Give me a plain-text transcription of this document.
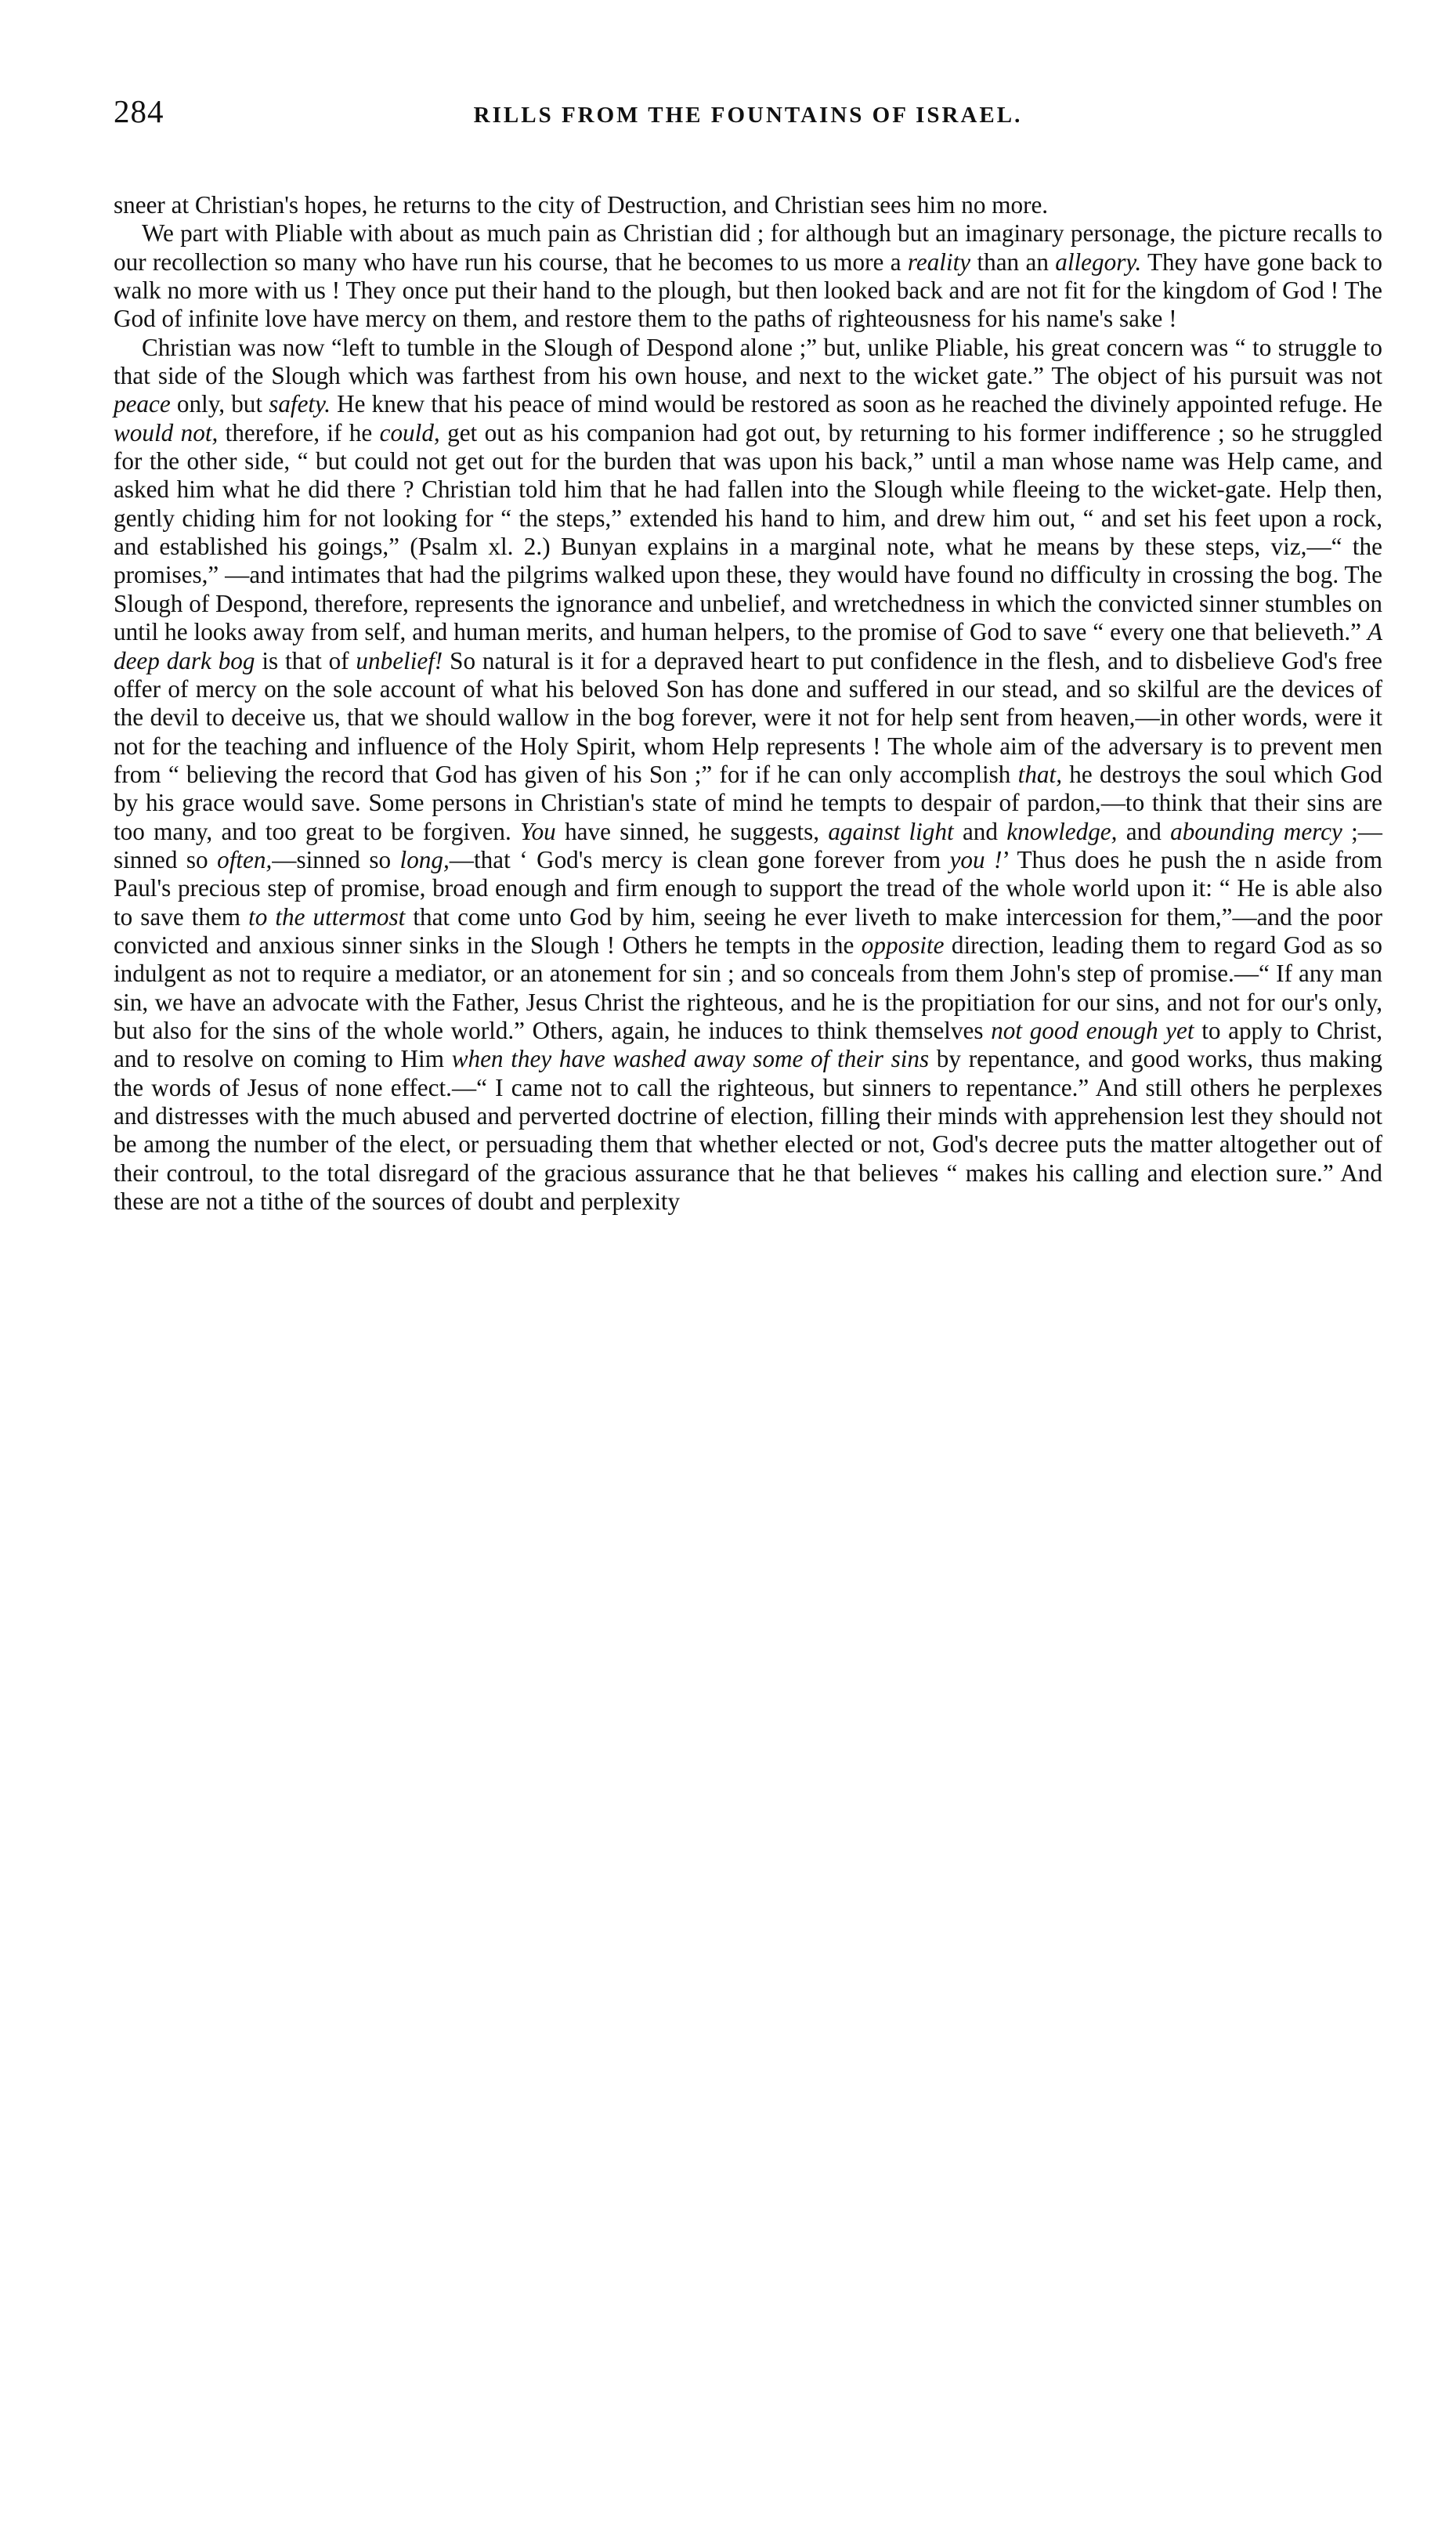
284	RILLS FROM THE FOUNTAINS OF ISRAEL.

sneer at Christian's hopes, he returns to the city of Destruction, and Christian sees him no more.

We part with Pliable with about as much pain as Christian did ; for although but an imaginary personage, the picture recalls to our recollection so many who have run his course, that he becomes to us more a reality than an allegory. They have gone back to walk no more with us ! They once put their hand to the plough, but then looked back and are not fit for the kingdom of God ! The God of infinite love have mercy on them, and restore them to the paths of righteousness for his name's sake !

Christian was now “left to tumble in the Slough of Despond alone ;” but, unlike Pliable, his great concern was “ to struggle to that side of the Slough which was farthest from his own house, and next to the wicket gate.” The object of his pursuit was not peace only, but safety. He knew that his peace of mind would be restored as soon as he reached the divinely appointed refuge. He would not, therefore, if he could, get out as his companion had got out, by returning to his former indifference ; so he struggled for the other side, “ but could not get out for the burden that was upon his back,” until a man whose name was Help came, and asked him what he did there ? Christian told him that he had fallen into the Slough while fleeing to the wicket-gate. Help then, gently chiding him for not looking for “ the steps,” extended his hand to him, and drew him out, “ and set his feet upon a rock, and established his goings,” (Psalm xl. 2.) Bunyan explains in a marginal note, what he means by these steps, viz,—“ the promises,” —and intimates that had the pilgrims walked upon these, they would have found no difficulty in crossing the bog. The Slough of Despond, therefore, represents the ignorance and unbelief, and wretchedness in which the convicted sinner stumbles on until he looks away from self, and human merits, and human helpers, to the promise of God to save “ every one that believeth.” A deep dark bog is that of unbelief! So natural is it for a depraved heart to put confidence in the flesh, and to disbelieve God's free offer of mercy on the sole account of what his beloved Son has done and suffered in our stead, and so skilful are the devices of the devil to deceive us, that we should wallow in the bog forever, were it not for help sent from heaven,—in other words, were it not for the teaching and influence of the Holy Spirit, whom Help represents ! The whole aim of the adversary is to prevent men from “ believing the record that God has given of his Son ;” for if he can only accomplish that, he destroys the soul which God by his grace would save. Some persons in Christian's state of mind he tempts to despair of pardon,—to think that their sins are too many, and too great to be forgiven. You have sinned, he suggests, against light and knowledge, and abounding mercy ;— sinned so often,—sinned so long,—that ‘ God's mercy is clean gone forever from you !’ Thus does he push the n aside from Paul's precious step of promise, broad enough and firm enough to support the tread of the whole world upon it: “ He is able also to save them to the uttermost that come unto God by him, seeing he ever liveth to make intercession for them,”—and the poor convicted and anxious sinner sinks in the Slough ! Others he tempts in the opposite direction, leading them to regard God as so indulgent as not to require a mediator, or an atonement for sin ; and so conceals from them John's step of promise.—“ If any man sin, we have an advocate with the Father, Jesus Christ the righteous, and he is the propitiation for our sins, and not for our's only, but also for the sins of the whole world.” Others, again, he induces to think themselves not good enough yet to apply to Christ, and to resolve on coming to Him when they have washed away some of their sins by repentance, and good works, thus making the words of Jesus of none effect.—“ I came not to call the righteous, but sinners to repentance.” And still others he perplexes and distresses with the much abused and perverted doctrine of election, filling their minds with apprehension lest they should not be among the number of the elect, or persuading them that whether elected or not, God's decree puts the matter altogether out of their controul, to the total disregard of the gracious assurance that he that believes “ makes his calling and election sure.” And these are not a tithe of the sources of doubt and perplexity
